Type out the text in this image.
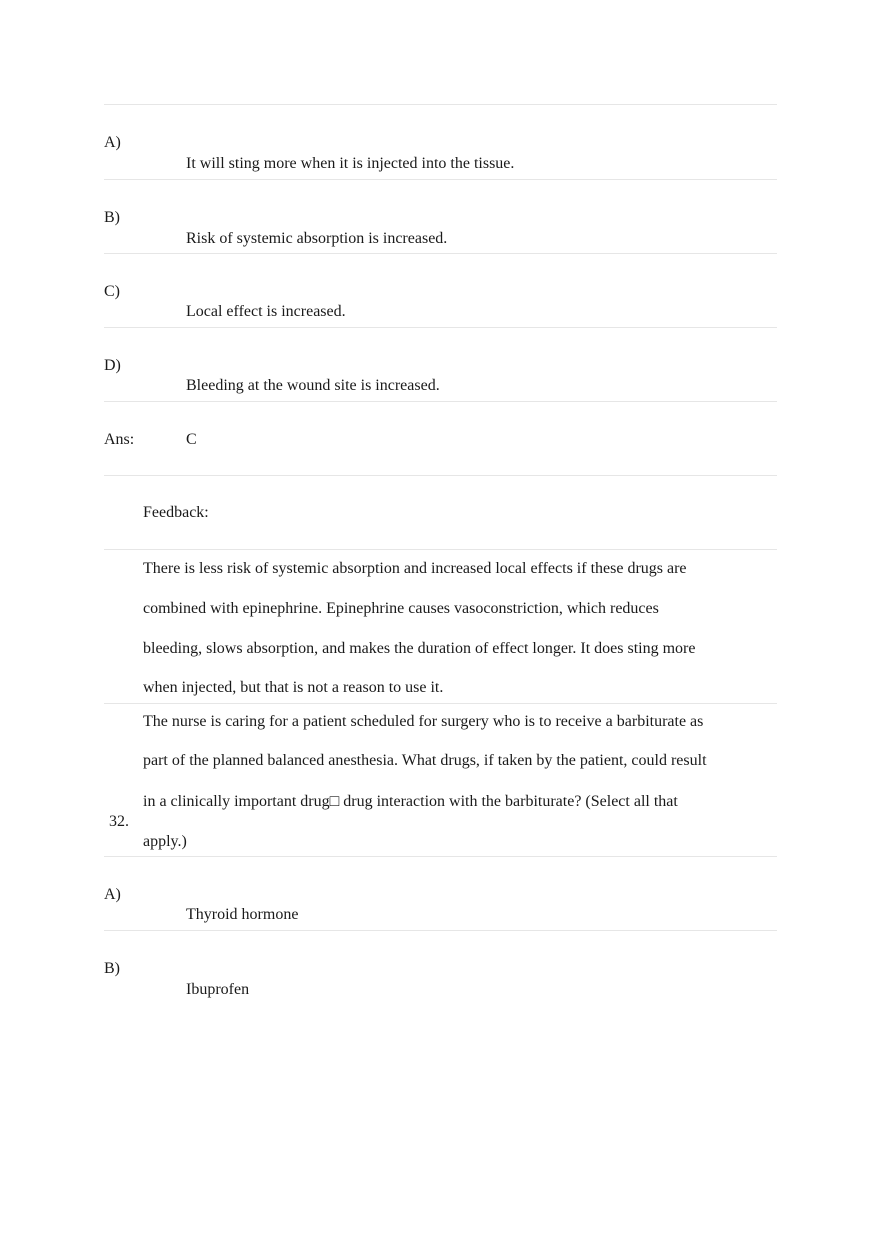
A)
It will sting more when it is injected into the tissue.
B)
Risk of systemic absorption is increased.
C)
Local effect is increased.
D)
Bleeding at the wound site is increased.
Ans:	C
Feedback:
There is less risk of systemic absorption and increased local effects if these drugs are
combined with epinephrine. Epinephrine causes vasoconstriction, which reduces
bleeding, slows absorption, and makes the duration of effect longer. It does sting more
when injected, but that is not a reason to use it.
32.
The nurse is caring for a patient scheduled for surgery who is to receive a barbiturate as
part of the planned balanced anesthesia. What drugs, if taken by the patient, could result
in a clinically important drug□ drug interaction with the barbiturate? (Select all that
apply.)
A)
Thyroid hormone
B)
Ibuprofen
